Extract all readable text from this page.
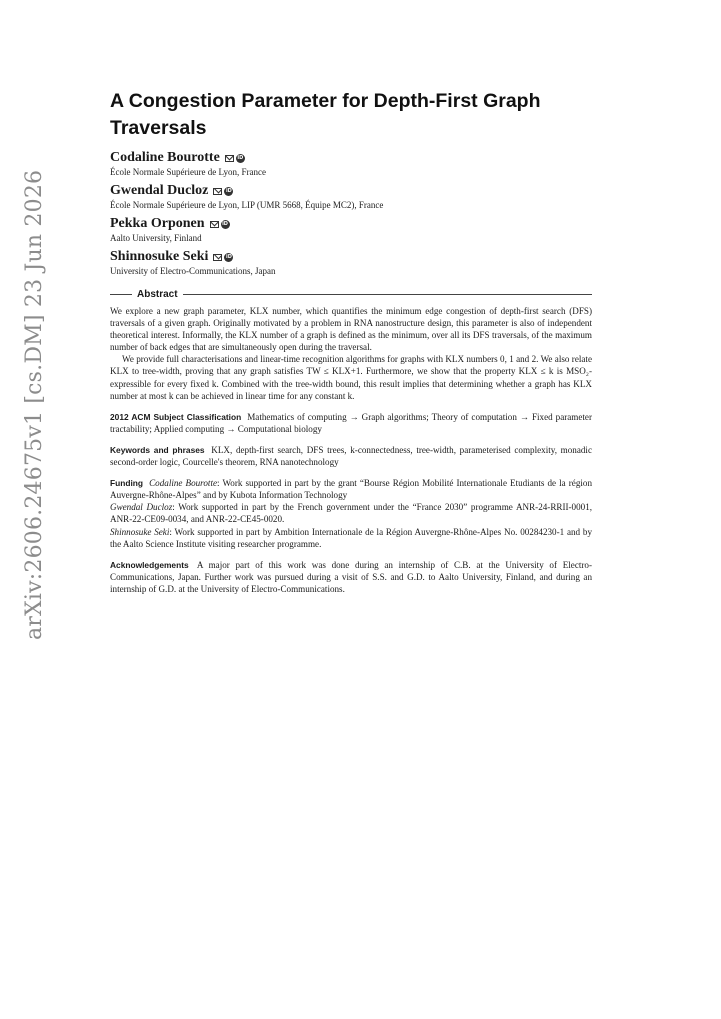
arXiv:2606.24675v1 [cs.DM] 23 Jun 2026
A Congestion Parameter for Depth-First Graph Traversals
Codaline Bourotte	iD
École Normale Supérieure de Lyon, France
Gwendal Ducloz	iD
École Normale Supérieure de Lyon, LIP (UMR 5668, Équipe MC2), France
Pekka Orponen	iD
Aalto University, Finland
Shinnosuke Seki	iD
University of Electro-Communications, Japan
Abstract

We explore a new graph parameter, KLX number, which quantifies the minimum edge congestion of depth-first search (DFS) traversals of a given graph. Originally motivated by a problem in RNA nanostructure design, this parameter is also of independent theoretical interest. Informally, the KLX number of a graph is defined as the minimum, over all its DFS traversals, of the maximum number of back edges that are simultaneously open during the traversal.

We provide full characterisations and linear-time recognition algorithms for graphs with KLX numbers 0, 1 and 2. We also relate KLX to tree-width, proving that any graph satisfies TW ≤ KLX+1. Furthermore, we show that the property KLX ≤ k is MSO₂-expressible for every fixed k. Combined with the tree-width bound, this result implies that determining whether a graph has KLX number at most k can be achieved in linear time for any constant k.

2012 ACM Subject Classification Mathematics of computing → Graph algorithms; Theory of computation → Fixed parameter tractability; Applied computing → Computational biology
Keywords and phrases KLX, depth-first search, DFS trees, k-connectedness, tree-width, parameterised complexity, monadic second-order logic, Courcelle's theorem, RNA nanotechnology
Funding Codaline Bourotte: Work supported in part by the grant “Bourse Région Mobilité Internationale Etudiants de la région Auvergne-Rhône-Alpes” and by Kubota Information Technology
Gwendal Ducloz: Work supported in part by the French government under the “France 2030” programme ANR-24-RRII-0001, ANR-22-CE09-0034, and ANR-22-CE45-0020.
Shinnosuke Seki: Work supported in part by Ambition Internationale de la Région Auvergne-Rhône-Alpes No. 00284230-1 and by the Aalto Science Institute visiting researcher programme.
Acknowledgements A major part of this work was done during an internship of C.B. at the University of Electro-Communications, Japan. Further work was pursued during a visit of S.S. and G.D. to Aalto University, Finland, and during an internship of G.D. at the University of Electro-Communications.
